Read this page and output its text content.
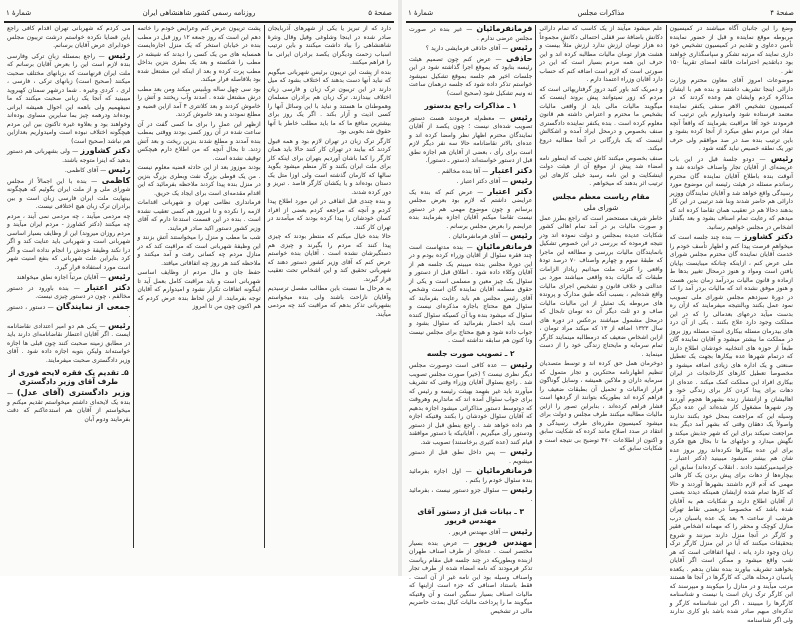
صفحهٔ ۵
روزنامه رسمی کشور شاهنشاهی ایران
شمارهٔ ۱

دارد که از تبریز یا یکی از شهرهای آذربایجان صادر شده در اینجا وشلوغی وقیل وقال ونثرهٔ شاهنشاهی را بیاد داشت میکنند و باین ترتیب اسباب زحمت ودیگران یکصد برادران ایرانی ما را فراهم میکنند.

بنده از پشت این تریبون برئیس شهربانی میگویم که نباید آنها دست بدهند که اختلاف بشود که میل دارند در این تریبون ترک زبان و فارسی زبان اختلاف بیندازند. ترک زبان هم برادران مسلمان وهموطنان ما هستند و نباید با این وسائل آنها را کسی اذیت و آزار بکند . اگر یک روز برای بیشترین منافع ما که ما باید مطلب خاطر با آنها حقوق شد بخوبی بود.

کارگر ترک زبان در تهران لازم بود و همه قبول کردند که بیایند در تهران کار کنند حالا باید همان کارگر را کما باشان آوردیم بتهران برای اینکه کار برای ملت ایران بکنند و کار منظم میشود بگوید سالها که کارمان گذشته است ولی اوزا متل یک دستان بوده‌اند و یا یکشان کارگر قاصد . تبریز و دور کرده شدند.

و بنده چندی قبل اتفاقی در این مورد اطلاع پیدا کردم و آنچه که مراجعه کردم بعضی از افراد کسان خودشان را پیدا کرده بودند که میآمدند در تهران کار کنند.

حالا بنده خیال میکنم که منتظر بودند که چیزی پیدا کنند که مردم را بگیرند و چیزی هم دستگیرشان نشده است . آقایان بنده خواستم عرض کنم که آقای وزیر کشور دستور دهند که شهربانی تحقیق کند و این اشخاص تحت تعقیب قرار گیرند.

به هرحال ما نسبت باین مطالب مفصل ترسیدیم وآقایان ناراحت باشند ولی بنده میخواستم بشهربانی تذکر بدهم که مراقبت کند چه مردمی میآیند.

پشت تریبون عرض کنم وعرایض خودم را خاتمه دهم این است که روز جمعه ۱۲ روز قبل در مطب بنده در خیابان استخر که یک منزل اجاره‌ایست همسایه های من یک کسی را دیدند که شیشه در مطب را شکسته و بعد یک بطری بنزین بداخل مطب پرت کرده و بعد از اینکه این مشتعل شده بود بلافاصله فرار میکند.

بود سی چهل ساله وبلبیس میکند ومن بعد مطب درش مشتعل شده . آمدند وآب ریختند و آتش را خاموش کردند و بعد کلانتری ۴ آمد ازاین قضیه و مطلع نمودند و بعد خاموش کردند.

ازظهر این عمل را برای ما کسی گفت در آن ساعت شده در آن روز کسی بودند ووقتی بمطب بنده آمدند و مطلع شدند بنزین ریخت و بعد آتش زدند. تا بحال آنچه که من اطلاع دارم هیچکس توقیف نشده است.

بودند موزوز بعد از این حادثه قضیه معلوم نیست . من یک فوطی بزرگ نفت وبطری بزرگ بنزین در منزل بنده پیدا کردند ملاحظه بفرمائید که این اقدام مقدمه‌ای است برای ایجاد یک حریق.

فرمانداری نظامی تهران و شهربانی اقدامات لازمه را نکرده و تا امروز هم کسی تعقیب نشده است . بنده در این قسمت استدعا دارم که آقای وزیر کشور دستور اکید صادر فرمایند.

شب ما مطب و منزل را میخواستند آتش بزنند و این وظیفهٔ شهربانی است که مراقبت کند که در منازل مردم چه کسانی رفت و آمد میکنند و ملاحظه کنند هر روز چه اتفاقاتی میافتد.

حفظ جان و مال مردم از وظایف اساسی شهربانی است و باید مراقبت کامل بعمل آید تا اینگونه اتفاقات تکرار نشود و امیدوارم که آقایان توجه بفرمایند. از این لحاظ بنده عرض کردم که هم اکنون چون من تا امروز

می کردم که شهربانی تهران اقدام کافی راجع باین قضایا نکرده خواستم درشت تریبون مجلس خودابرای عرض آقایان برسانم.

رئیس — راجع بمسئله زبان ترکی وفارسی بنده لازم است این را بعرض آقایان برسانم که ملت ایران قرنهاست که بزبانهای مختلف صحبت میکنند (صحیح است) زبانهای ترکی ، فارسی ، لری ، کردی وغیره . شما درشهر سمنان کهبروید میبینید که آنجا یک زبانی صحبت میکنند که ما نمیفهمیم ولی باهمه این احوال همیشه ایرانی بوده‌اند ودرهمه چیز بما سایرین مساوی بوده‌اند وخواهند بود و بعلاوه غیره تاکنون بین این مردم هیچگونه اختلاف نبوده است وامیدواریم بعدازاین هم نباشد (صحیح است)

دکتر کشاورز — ولی بشهربانی هم دستور بدهید که اینرا متوجه باشند.

رئیس — آقای کاظمی.

کاظمی — بنده با این اجمالاً از مجلس شورای ملی و از ملت ایران بگوئیم که هیچگونه بینهایت ملت ایران فارسی زبان است و بین برادران ترک زبان هیچ اختلافی نیست.

چه مردمی میآیند ، چه مردمی نمی آیند ، مردم چه میکنند (دکتر کشاورز - مردم ایران میآیند و مردم روزان میروند) این از وظایف بسیار اساسی شهربانی است و شهربانی باید عنایت کند و اگر درا نکند وظیفهٔ خودش را انجام نداده است و اگر کرد بنابراین علت شهربانی که بنفع امنیت شهر است مورد استفاده قرار گیرد.

رئیس — آقایان مرتباً اجازه نطق میخواهند

دکتر اعتبار — بنده باورود در دستور مخالفم ، چون در دستور چیزی نیست.

جمعی از نمایندگان — دستور ، دستور .

رئیس — یکی هم دو امیر اعتدادی نقاضانامه ایست . اگر آقایان اعتطار نقاضانامه‌ای دارند باید در مطابق زمینه صحبت کنند چون قبلی ها اجازه خواسته‌اند ولیکن بتوبه اجازه داده شود . آقای وزیر دادگستری صحبت میفرمایند.

۵ـ تقدیم یک فقره لایحه فوری از طرف آقای وزیر دادگستری

وزیر دادگستری (آقای عدل) — بنده یک لایحه‌ای داشتم میخواستم تقدیم میکنم و میخواستم از آقایان هم استدعاکنم که دقت بفرمایند ودوم آبان

صفحهٔ ۴
مذاکرات مجلس
شمارهٔ ۱

وضع را این جانبان آگاه میباشند در کمیسیون مربوطه موقع نماینده و قبل از حضور نماینده تأمین دعاوی و تقدیم در کمیسیون تشخیص خود داری نمایند که مرتبه تشکر و سپاسگذاری خواهند بود دباتقدیم احترامات فائقه امضای تقریباً ۱۵۰ نفر .

موضوعات امروز آقای معاون محترم وزارت دارائی اینجا تشریف داشتند و بنده هم با ایشان مذاکره کردم وایشان هم وعده کردند که در کمیسیون تشخیص الاهر صنفی یکنفر نماینده معتمد فرستاده شود وامیدوارم باین ترتیب که فرمودند خود آقا مراقبت بفرمایند که واقعاً آنچه مفاد این مردم نطق میکرد از آنجا کرده بشود و باین ترتیب بنده صد در صد موافقم ولی حرف تور یک نطقه خصیص نباید گفته شود .

رئیس — دودو جلسهٔ قبل در این باب عریضه‌ای از آقایان تجار واصناف خوانده شد و آنوقت بنده باطلاع آقایان نماینده گان محترم رساندم مسئله در هیئت رئیسه این موضوع مورد رسیدگی واقع خواهد شد و آقایان نمایندگان ووزیر دارائی هم حاضر شدند وبنا شد ترتیبی در این کار بدهند دحالا هم در تعقیب همان تقاضا کرده اند که میدهم که رعایت تمام اصناف بشود و بعد بگفتار اشخاص در مجلس خواهیم رسانید.

دکتر کشاورز — بنده چند جلسه است که میخواهم فرصت پیدا کنم و اظهار تأسف خودم را خدمت آقایان نماینده گان محترم مجلس شورای ملی عرض کنم ، ازاینکه چنانکه میبایست بپایان یافتن است ومواد و هنوز درمحال تغییر بدها ط ازماده و قانون مالیات بردرآمد زمان بدین هست و هنوز موفق نشده اند که مالیات بردر آمد را که در دورهٔ سیزدهم مجلس شورای ملی تصویب نمود عمل بکنند وبالنتیجه میفرمایند که ازآن ره بدست میآید درعهای بعدمالی را که در این مملکت وجود دارد علاج بکنند . یکی از آن درد های بیدرمان مسئله بیکاری است مسئله روز بروز در مملکت ما بیشتر میشود و آقایان نماینده گان طبعاً از حوزه های انتخابیه خودشان اطلاع دارند که درتمام شهرها عده بیکارها بجهت یک تعطیل صنعتی و یک اداره های زیادی اضافه میشود و مخصوصاً تعطیل کارهای کارخانجات در ایران بیکاری افراد این مملکت کمک میکند . عده‌ای از دهات برای پیدا کردن کار برای زندگی خود و اهالیشان و ازانتشار زنده بشهرها هجوم آوردند ودر شهرها مشغول کار شده‌اند این عده دیگر وسیله این که مراجعت بمحل خود بکنند ندارند واصولاً یک دهقان وقتی که بشهر آمد دیگر بده مراجعت نمیکند برای این که شهر جذبش میکند و نگهش میدارد و دولتهای ما تا بحال هیچ فکری برای این عده بیکارها نکرده‌اند روز بروز عده شان هم بیشتر میشود میبینید (دکتر اعتبار ـ جرامیدمیرکشید دادند . انقلاب کرده‌اند) سابق این بیچاره‌ها از دهات برای پیش بردن یک کار هائی مهمی که آدم لازم داشتند بشهرها آوردند و حالا که کارها تمام شده ازایشان همینکه دیدند بعضی از آقایان اطلاع دارند و شکایات هم به آقایان شده باشد که مخصوصاً دربعضی نقاط تهران هرشب از ساعت ۹ بعد یک عده پاسبان درب منازل کوچک و محقر را که مهمانه اشخاص فقیر و کارگر در آنجا منزل دارند میزنند و شروع بتحقیقات میکنند که آیا در این منزل کارگر ترک زبان وجود دارد یانه ، اینها اتفاقاتی است که هر شب واقع میشود و ممکن است اگر آقایان بخواهند تشریف بیاورند بنده نشان بدهم . یکعده پاسبان درمحله هائی که کارگرها در آنجا ها هستند مرتب میآیند و در منازل را میکوبند و میپرسند که این کارگر ترک زبان است یا نیست و شناسنامه کارگرها را میبینند ، اگر این شناسنامه کارگر و تذکره‌ای مبهم صادر شده باشد باو کاری ندارند ولی اگر شناسنامه

علم میشود میآیند از یک کاسب که تمام دارائی دکانش باضافهٔ سر قفلی احتمالی دکانش مجموعاً ده هزار تومان ارزش ندارد ارزش مثلاً بیست و هشت هزار تومان مالیات مطالبه کرده اند و این حرف این همه مردم بسیار است که این در صورتی است که لازم است اضافه کنم که حساب دارد آقایان وزراء اعتمدا دارم .

و دمریک کند باور کنید دروز گرفتاریهائی است که مردم که زور نمیتوانند پیش بروند اینست که میگویند مالیات مالی باید از واقعی مالیات بشخیص ما محترم و اعتراض داشته هم قانون معلوم کرده است . بنده یکنفر نماینده دادگستری صنف بخصوص و درمحل ایراد آمده و اشکالش اینست که یک بازرگانی در آنجا مطالبه دروغ میکند.

صنف بخصوص میکنند کاش تحیب که اینطور نامه امضاء شد پیش از موقع آن از هیئت دولت اینشکایت و این نامه رسید خیلی کارهای این ترتیب اثر بدهند که ميخواهم .

مقام ریاست معظم مجلس
شورای ملی

خاطر شریف مستحضر است که راجع بطرز عمل و صورت مالیات بر در آمد تمام اهالی کشور شکایات عدیده بمجلس و دولت نموده اند ودر نتیجه فرموده که بررسی در این خصوص تشکیل بانمایندگان مالیات بررسی و مطالعه این ماجرا که طبقهٔ سوم و چهارم واصناف ۷۰ درصد تودهٔ واقعی را کثرت ملت میدانیم زیاداز الزامات طبقات که مالیات بده واقعی میباشند مورد بی عدالتی و خلاف قانون و تشخیص اجرای مالیات واقع شده‌ایم ، بسبب آنکه طبق مدارک و پرونده های مربوطه یک تمثیل از این مالیات مالیات صاف و دو ثلث دیگر آن ده تومان تابحال که درمحل مشمول میباشند برعکس در دوره های سال ۱۳۲۳ اضافه از ۱۳ که میکند مراد تومان ، ازاین اشخاص ضعیف که درمطالبه مینمایند کارگر تمام سرمایه و مایحتاج زندگی خود را از دست مینماید .

دوخرمان همل حق کرده اند و توسط متصدیان تنظیم اظهارنامه محتکرین و تجار متمول که سرمایه داران و ملاکین همیشه ، وسایل گوناگون فرار ازمالیات و تحمیل آن بطبقات ضعیف را فراهم کرده اند بطوریکه بتوانند از گردهها است فشار فراهم کرده‌اند ، بنابراین تصور را ازاین مالیات مطالبه میکنند طرف مجلس و دولت برای میشود کمیسیون مقرره‌ای طرف رسیدگی و انتقاد در صدد اصلاح مانند کرده که شکایت سابق و اکنون از اطلاعات ۴۷۰ توضیح بی نتیجه است و شکایات سابق که

فرمانفرمائیان — غیر بنده در صورت مجلس عرضی ندارم .

رئیس — آقای حاذقی فرمایشی دارید ؟

حاذقی — عرض کنم چون تصمیم هیئت رئیسه بنابود که بموقع اجرا گذاشته شود در این جلسات اخیر هم جلسه بموقع تشکیل نمیشود خواستم تذکر داده شود که جلسه درهمان ساعت نه ونیم تشکیل شود (صحیح است)

۱ ـ مذاکرات راجع بدستور

رئیس — معظم‌له فرمودند هست دستور تصویب شده‌ای نیست ؛ چون یکصد از آقایان نمایندگان محترم اظهار نظر وامضا کرده اند و عده‌ای بالاتر نقاضانامه حالا سه نفر دیگر لازم است برای رأی ، بعضی از آقایان هم اجازه نطق قبل از دستور خواسته‌اند (دستور ـ دستور).

دکتر اعتبار — آقا بنده مخالفم .

رئیس — آقای دکتر اعتبار .

دکتر اعتبار — عرض کنم که بنده یک عرایضی داشتم که لازم بود بعرض مجلس برسانم و چون موضوع مهمی هم در دستور نیست تقاضا میکنم آقایان اجازه بفرمایند بنده عرایضم را بعرض مجلس برسانم .

رئیس — آقای فرمانفرمائیان .

فرمانفرمائیان — بنده مدتهاست است چند فقره سئوال از آقایان وزراء کرده بودم و در این دورهٔ مجلس بنده میبینم یک جلسه هم از آقایان وکلاء داده شود . اطلاق قبل از دستور و سئوال یک چیز معین و مسلمی است و یکی از حقوق مسلمه آقایان نماینده گان است وشخص آقای رئیس مجلس هم باید رعایت بفرمایند که سئوال هیچ محتاج باجازه مذکره‌ای نیست و سئوال که میشود بنده وبا آن کسیکه سئوال کننده است باید احضار بفرمائید که سئوال بشود و جواب داده شود و هیچ محتاج برای مجلس نیست وتا کنون هم سابقه نداشته است .

۲ ـ تصویب صورت جلسه

رئیس — عده کافی است دوصورت مجلس دیگر نظری نیست ؟ (خیر) صورت مجلس تصویب شد . راجع بسئوال آقایان وزراء وقتی که تشریف میآورند باید غیر بفهمد بهیئت رئیسه و رئیس که برای جواب سئوال آمده اند که مانداریم وهروقت که دوتوسط دستور مذاکراتی میشود اجازه بدهیم که آقایان سئوال خودشان را بکنند وقتیکه اجازه هم داده خواهد شد . راجع بنطق قبل از دستور ودستور رأی میگیریم ، آقایانیکه با دستور موافقند قیام کنند (عده کثیری برخاستند) تصویب شد.

رئیس — پس داخل نطق قبل از دستور میشویم .

فرمانفرمائیان — اول اجازه بفرمائید بنده سئوال خودم را بکنم .

رئیس — سئوال جزو دستور نیست ، بفرمائید .

۳ ـ بیانات قبل از دستور آقای مهندس فریور

رئیس — آقای مهندس فریور .

مهندس فریور — عرض بنده بسیار مختصر است . عده‌ای از طرف اصناف طهران ازبنده وبطوریکه در چند جلسه قبل مقام ریاست تذکر فرمودند که نامه امضاء شده از طرف تجار واصناف وسیله بود این نامه غیر از آن است . فقط باستناد اصنافی که جزء است ازاینها که مالیات اصناف بسیار سنگین است و آن وقتیکه میگویند ما را پرداخت مالیات کیال بمدت حاضریم مالی در تشخیص
